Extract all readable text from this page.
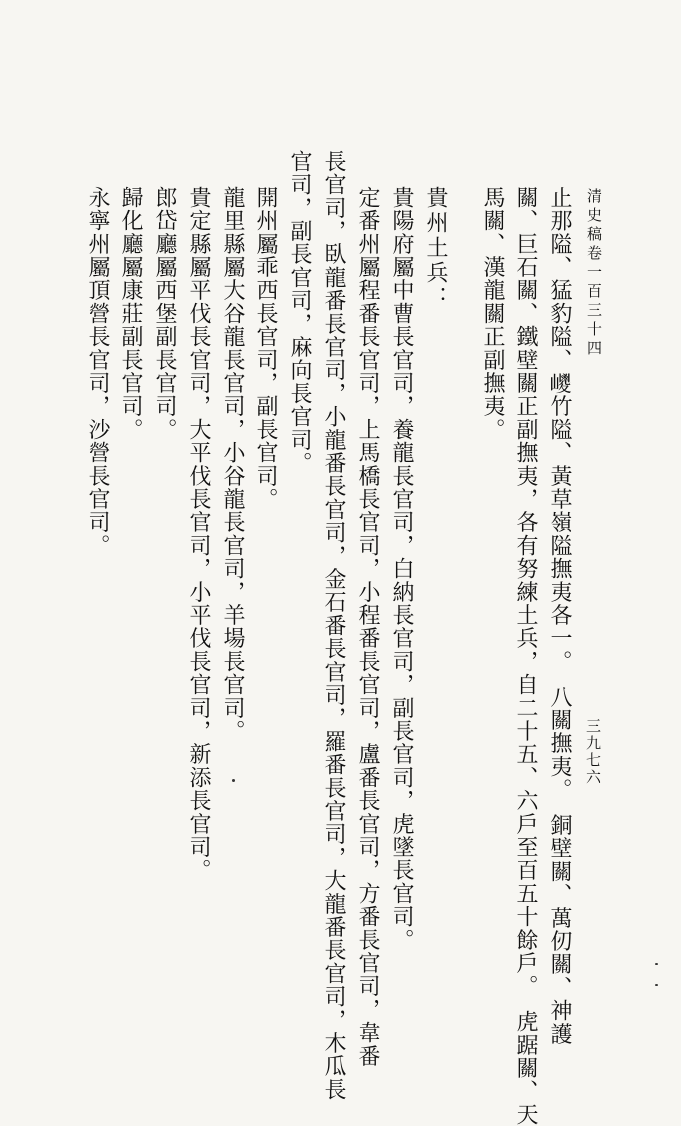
清史稿卷一百三十四
止那隘、猛豹隘、𡽀竹隘、黃草嶺隘撫夷各一。　八關撫夷。　銅壁關、萬仞關、神護
關、巨石關、鐵壁關正副撫夷，各有努練土兵，自二十五、六戶至百五十餘戶。　虎踞關、天
馬關、漢龍關正副撫夷。
貴州土兵：
貴陽府屬中曹長官司，養龍長官司，白納長官司，副長官司，虎墜長官司。
定番州屬程番長官司，上馬橋長官司，小程番長官司，盧番長官司，方番長官司，韋番
長官司，臥龍番長官司，小龍番長官司，金石番長官司，羅番長官司，大龍番長官司，木瓜長
官司，副長官司，麻向長官司。
開州屬乖西長官司，副長官司。
龍里縣屬大谷龍長官司，小谷龍長官司，羊場長官司。
貴定縣屬平伐長官司，大平伐長官司，小平伐長官司，新添長官司。
郎岱廳屬西堡副長官司。
歸化廳屬康莊副長官司。
永寧州屬頂營長官司，沙營長官司。
三九七六
